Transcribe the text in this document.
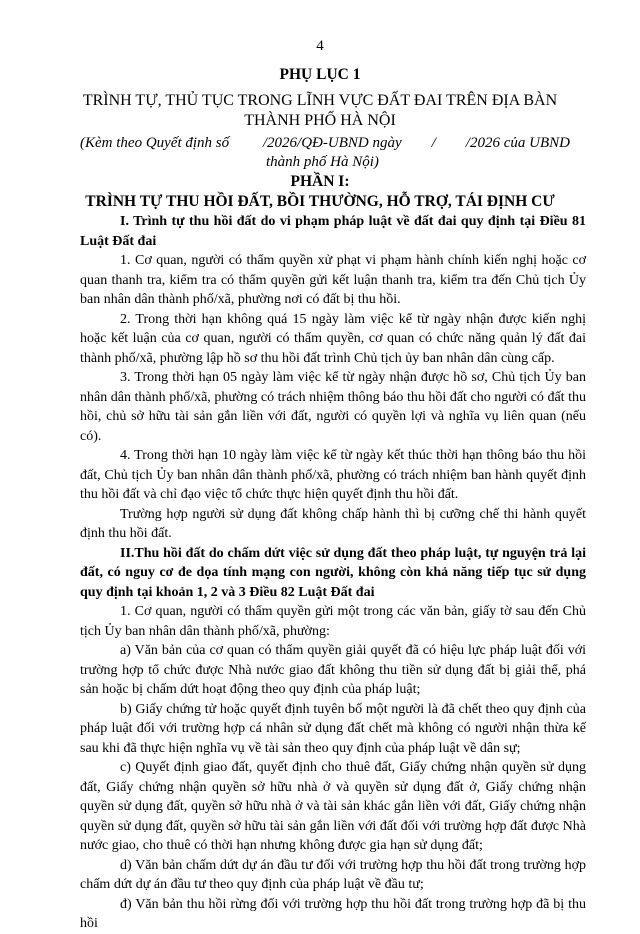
4
PHỤ LỤC 1
TRÌNH TỰ, THỦ TỤC TRONG LĨNH VỰC ĐẤT ĐAI TRÊN ĐỊA BÀN
THÀNH PHỐ HÀ NỘI
(Kèm theo Quyết định số         /2026/QĐ-UBND ngày        /        /2026 của UBND
thành phố Hà Nội)
PHẦN I:
TRÌNH TỰ THU HỒI ĐẤT, BỒI THƯỜNG, HỖ TRỢ, TÁI ĐỊNH CƯ

I. Trình tự thu hồi đất do vi phạm pháp luật về đất đai quy định tại Điều 81 Luật Đất đai

1. Cơ quan, người có thẩm quyền xử phạt vi phạm hành chính kiến nghị hoặc cơ quan thanh tra, kiểm tra có thẩm quyền gửi kết luận thanh tra, kiểm tra đến Chủ tịch Ủy ban nhân dân thành phố/xã, phường nơi có đất bị thu hồi.

2. Trong thời hạn không quá 15 ngày làm việc kể từ ngày nhận được kiến nghị hoặc kết luận của cơ quan, người có thẩm quyền, cơ quan có chức năng quản lý đất đai thành phố/xã, phường lập hồ sơ thu hồi đất trình Chủ tịch ủy ban nhân dân cùng cấp.

3. Trong thời hạn 05 ngày làm việc kể từ ngày nhận được hồ sơ, Chủ tịch Ủy ban nhân dân thành phố/xã, phường có trách nhiệm thông báo thu hồi đất cho người có đất thu hồi, chủ sở hữu tài sản gắn liền với đất, người có quyền lợi và nghĩa vụ liên quan (nếu có).

4. Trong thời hạn 10 ngày làm việc kể từ ngày kết thúc thời hạn thông báo thu hồi đất, Chủ tịch Ủy ban nhân dân thành phố/xã, phường có trách nhiệm ban hành quyết định thu hồi đất và chỉ đạo việc tổ chức thực hiện quyết định thu hồi đất.

Trường hợp người sử dụng đất không chấp hành thì bị cưỡng chế thi hành quyết định thu hồi đất.

II.Thu hồi đất do chấm dứt việc sử dụng đất theo pháp luật, tự nguyện trả lại đất, có nguy cơ đe dọa tính mạng con người, không còn khả năng tiếp tục sử dụng quy định tại khoản 1, 2 và 3 Điều 82 Luật Đất đai

1. Cơ quan, người có thẩm quyền gửi một trong các văn bản, giấy tờ sau đến Chủ tịch Ủy ban nhân dân thành phố/xã, phường:

a) Văn bản của cơ quan có thẩm quyền giải quyết đã có hiệu lực pháp luật đối với trường hợp tổ chức được Nhà nước giao đất không thu tiền sử dụng đất bị giải thể, phá sản hoặc bị chấm dứt hoạt động theo quy định của pháp luật;

b) Giấy chứng tử hoặc quyết định tuyên bố một người là đã chết theo quy định của pháp luật đối với trường hợp cá nhân sử dụng đất chết mà không có người nhận thừa kế sau khi đã thực hiện nghĩa vụ về tài sản theo quy định của pháp luật về dân sự;

c) Quyết định giao đất, quyết định cho thuê đất, Giấy chứng nhận quyền sử dụng đất, Giấy chứng nhận quyền sở hữu nhà ở và quyền sử dụng đất ở, Giấy chứng nhận quyền sử dụng đất, quyền sở hữu nhà ở và tài sản khác gắn liền với đất, Giấy chứng nhận quyền sử dụng đất, quyền sở hữu tài sản gắn liền với đất đối với trường hợp đất được Nhà nước giao, cho thuê có thời hạn nhưng không được gia hạn sử dụng đất;

d) Văn bản chấm dứt dự án đầu tư đối với trường hợp thu hồi đất trong trường hợp chấm dứt dự án đầu tư theo quy định của pháp luật về đầu tư;

đ) Văn bản thu hồi rừng đối với trường hợp thu hồi đất trong trường hợp đã bị thu hồi
